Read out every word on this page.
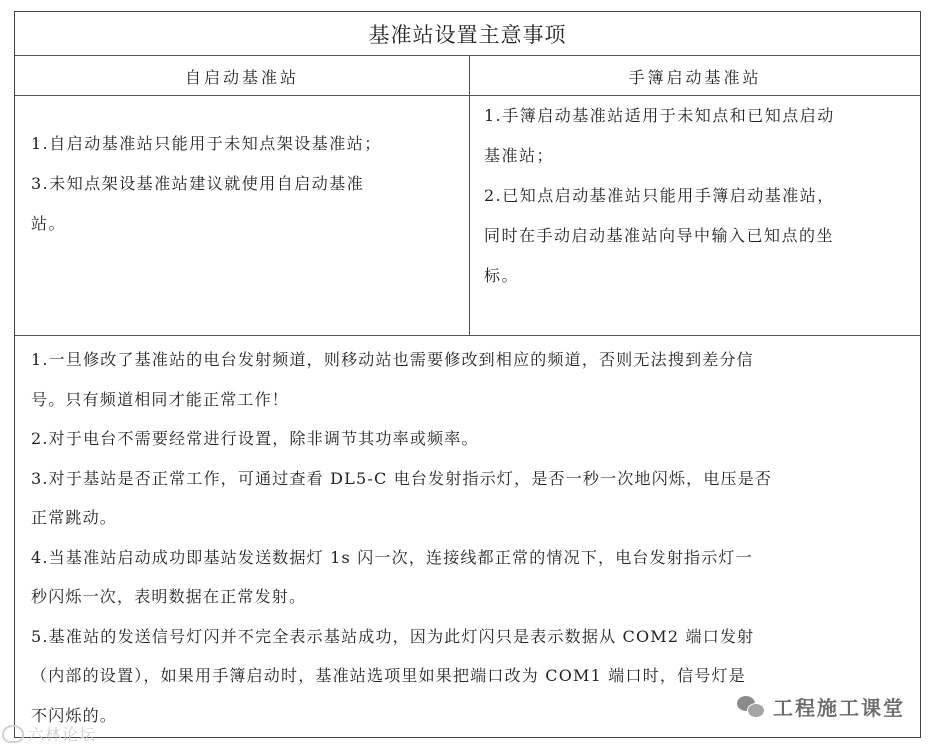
基准站设置主意事项
自启动基准站	手簿启动基准站

1.自启动基准站只能用于未知点架设基准站；

3.未知点架设基准站建议就使用自启动基准

站。

1.手簿启动基准站适用于未知点和已知点启动

基准站；

2.已知点启动基准站只能用手簿启动基准站，

同时在手动启动基准站向导中输入已知点的坐

标。

1.一旦修改了基准站的电台发射频道，则移动站也需要修改到相应的频道，否则无法搜到差分信

号。只有频道相同才能正常工作！

2.对于电台不需要经常进行设置，除非调节其功率或频率。

3.对于基站是否正常工作，可通过查看 DL5-C 电台发射指示灯，是否一秒一次地闪烁，电压是否

正常跳动。

4.当基准站启动成功即基站发送数据灯 1s 闪一次，连接线都正常的情况下，电台发射指示灯一

秒闪烁一次，表明数据在正常发射。

5.基准站的发送信号灯闪并不完全表示基站成功，因为此灯闪只是表示数据从 COM2 端口发射

（内部的设置），如果用手簿启动时，基准站选项里如果把端口改为 COM1 端口时，信号灯是

不闪烁的。	工程施工课堂
六林论坛
